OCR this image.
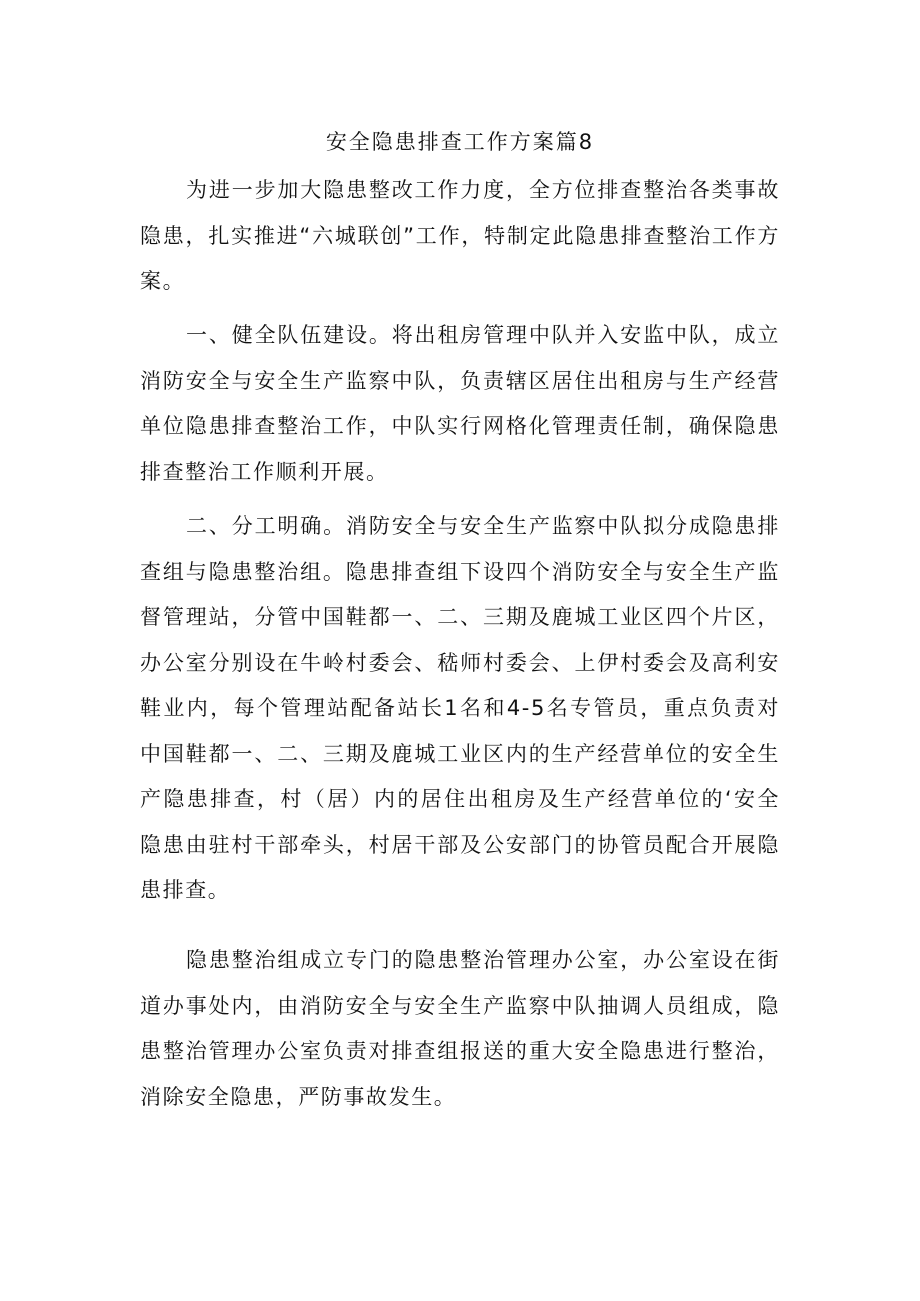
安全隐患排查工作方案篇8

为进一步加大隐患整改工作力度，全方位排查整治各类事故隐患，扎实推进“六城联创”工作，特制定此隐患排查整治工作方案。

一、健全队伍建设。将出租房管理中队并入安监中队，成立消防安全与安全生产监察中队，负责辖区居住出租房与生产经营单位隐患排查整治工作，中队实行网格化管理责任制，确保隐患排查整治工作顺利开展。

二、分工明确。消防安全与安全生产监察中队拟分成隐患排查组与隐患整治组。隐患排查组下设四个消防安全与安全生产监督管理站，分管中国鞋都一、二、三期及鹿城工业区四个片区，办公室分别设在牛岭村委会、嵇师村委会、上伊村委会及高利安鞋业内，每个管理站配备站长1名和4-5名专管员，重点负责对中国鞋都一、二、三期及鹿城工业区内的生产经营单位的安全生产隐患排查，村（居）内的居住出租房及生产经营单位的‘安全隐患由驻村干部牵头，村居干部及公安部门的协管员配合开展隐患排查。

隐患整治组成立专门的隐患整治管理办公室，办公室设在街道办事处内，由消防安全与安全生产监察中队抽调人员组成，隐患整治管理办公室负责对排查组报送的重大安全隐患进行整治，消除安全隐患，严防事故发生。
